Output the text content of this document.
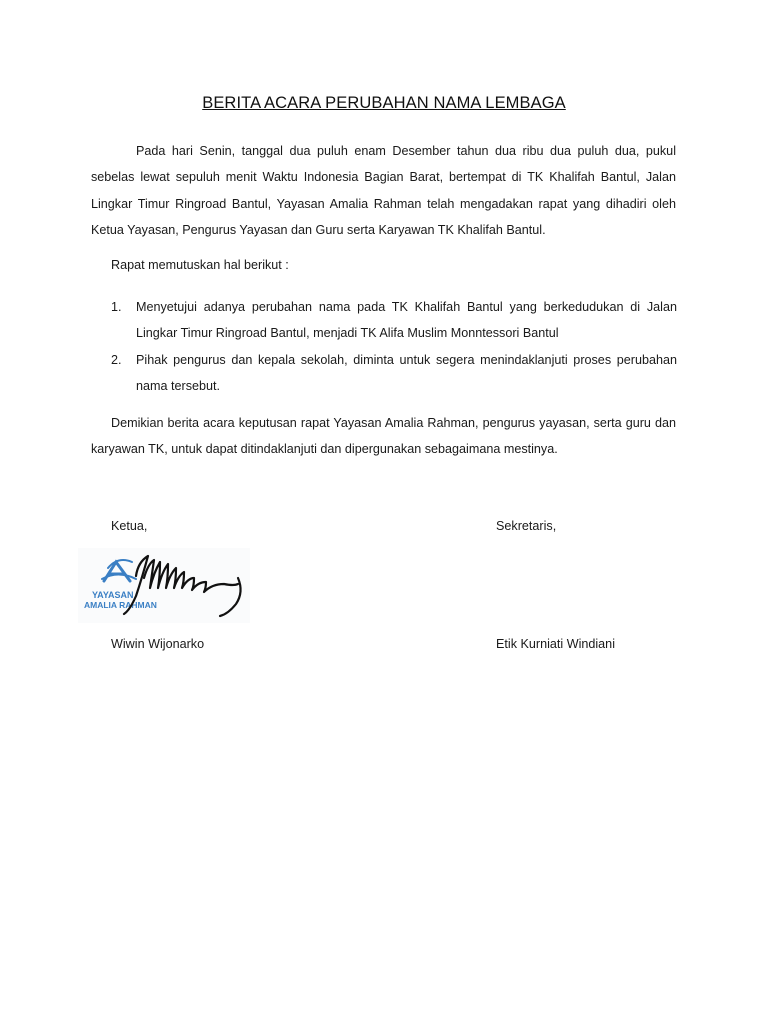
BERITA ACARA PERUBAHAN NAMA LEMBAGA
Pada hari Senin, tanggal dua puluh enam Desember tahun dua ribu dua puluh dua, pukul sebelas lewat sepuluh menit Waktu Indonesia Bagian Barat, bertempat di TK Khalifah Bantul, Jalan Lingkar Timur Ringroad Bantul, Yayasan Amalia Rahman telah mengadakan rapat yang dihadiri oleh Ketua Yayasan, Pengurus Yayasan dan Guru serta Karyawan TK Khalifah Bantul.
Rapat memutuskan hal berikut :
1. Menyetujui adanya perubahan nama pada TK Khalifah Bantul yang berkedudukan di Jalan Lingkar Timur Ringroad Bantul, menjadi TK Alifa Muslim Monntessori Bantul
2. Pihak pengurus dan kepala sekolah, diminta untuk segera menindaklanjuti proses perubahan nama tersebut.
Demikian berita acara keputusan rapat Yayasan Amalia Rahman, pengurus yayasan, serta guru dan karyawan TK, untuk dapat ditindaklanjuti dan dipergunakan sebagaimana mestinya.
Ketua,	Sekretaris,
YAYASAN
AMALIA RAHMAN
Wiwin Wijonarko	Etik Kurniati Windiani
